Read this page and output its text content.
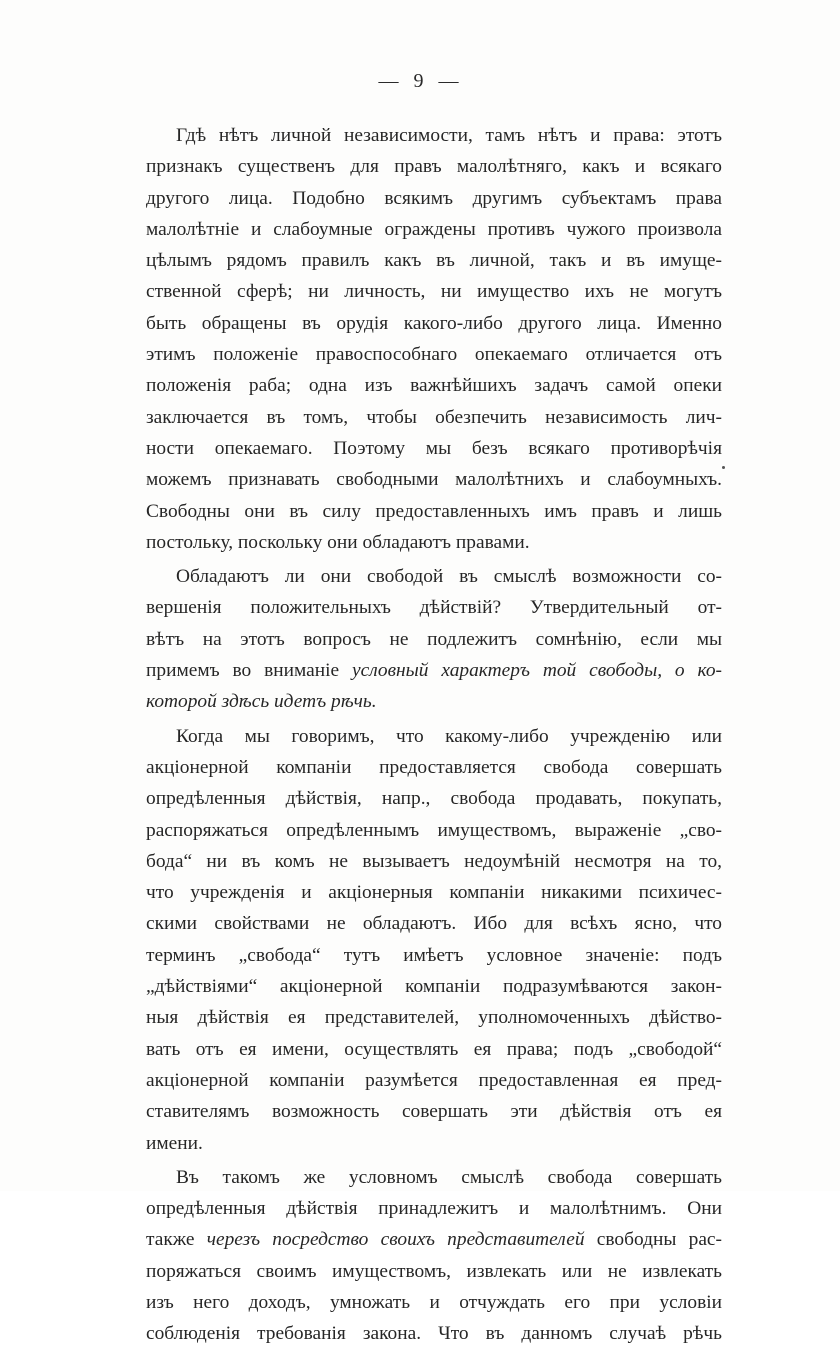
— 9 —
Гдѣ нѣтъ личной независимости, тамъ нѣтъ и права: этотъ
признакъ существенъ для правъ малолѣтняго, какъ и всякаго
другого лица. Подобно всякимъ другимъ субъектамъ права
малолѣтніе и слабоумные ограждены противъ чужого произвола
цѣлымъ рядомъ правилъ какъ въ личной, такъ и въ имуще-
ственной сферѣ; ни личность, ни имущество ихъ не могутъ
быть обращены въ орудія какого-либо другого лица. Именно
этимъ положеніе правоспособнаго опекаемаго отличается отъ
положенія раба; одна изъ важнѣйшихъ задачъ самой опеки
заключается въ томъ, чтобы обезпечить независимость лич-
ности опекаемаго. Поэтому мы безъ всякаго противорѣчія
можемъ признавать свободными малолѣтнихъ и слабоумныхъ.
Свободны они въ силу предоставленныхъ имъ правъ и лишь
постольку, поскольку они обладаютъ правами.
Обладаютъ ли они свободой въ смыслѣ возможности со-
вершенія положительныхъ дѣйствій? Утвердительный от-
вѣтъ на этотъ вопросъ не подлежитъ сомнѣнію, если мы
примемъ во вниманіе условный характеръ той свободы, о ко-
которой здѣсь идетъ рѣчь.
Когда мы говоримъ, что какому-либо учрежденію или
акціонерной компаніи предоставляется свобода совершать
опредѣленныя дѣйствія, напр., свобода продавать, покупать,
распоряжаться опредѣленнымъ имуществомъ, выраженіе „сво-
бода“ ни въ комъ не вызываетъ недоумѣній несмотря на то,
что учрежденія и акціонерныя компаніи никакими психичес-
скими свойствами не обладаютъ. Ибо для всѣхъ ясно, что
терминъ „свобода“ тутъ имѣетъ условное значеніе: подъ
„дѣйствіями“ акціонерной компаніи подразумѣваются закон-
ныя дѣйствія ея представителей, уполномоченныхъ дѣйство-
вать отъ ея имени, осуществлять ея права; подъ „свободой“
акціонерной компаніи разумѣется предоставленная ея пред-
ставителямъ возможность совершать эти дѣйствія отъ ея
имени.
Въ такомъ же условномъ смыслѣ свобода совершать
опредѣленныя дѣйствія принадлежитъ и малолѣтнимъ. Они
также черезъ посредство своихъ представителей свободны рас-
поряжаться своимъ имуществомъ, извлекать или не извлекать
изъ него доходъ, умножать и отчуждать его при условіи
соблюденія требованія закона. Что въ данномъ случаѣ рѣчь
